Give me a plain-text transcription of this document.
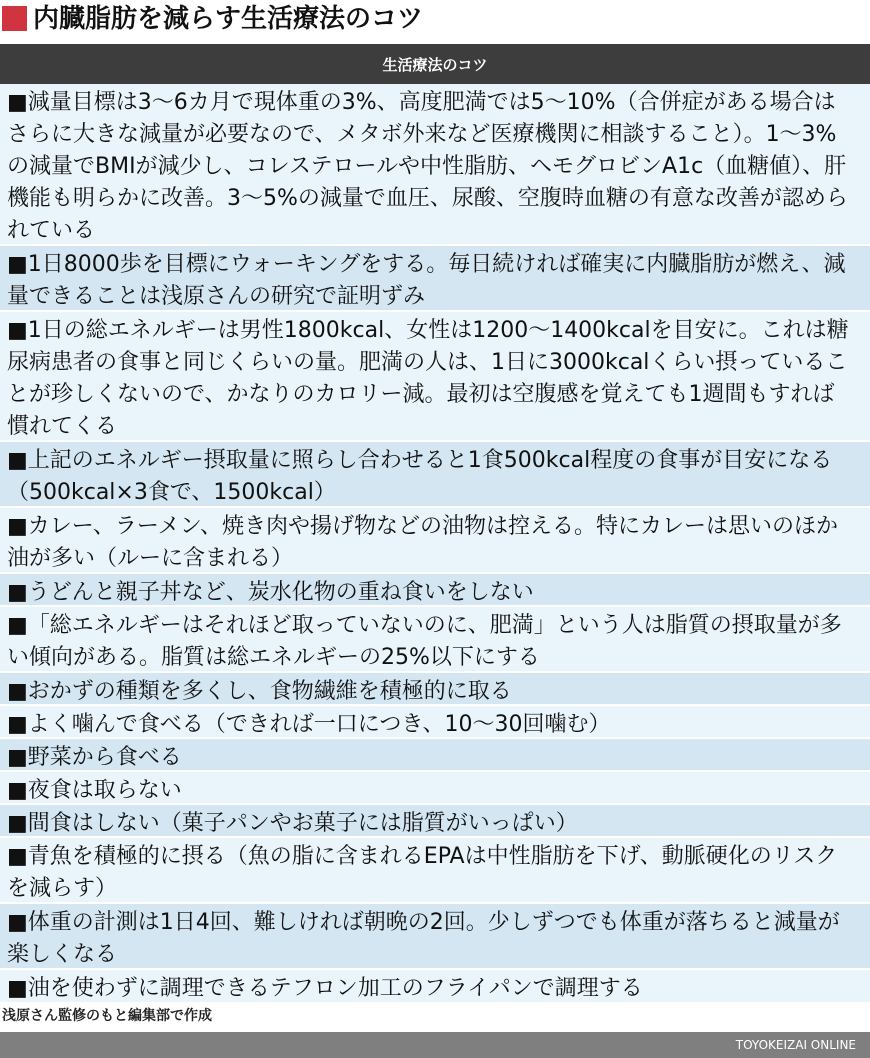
内臓脂肪を減らす生活療法のコツ
生活療法のコツ
■減量目標は3〜6カ月で現体重の3%、高度肥満では5〜10%（合併症がある場合はさらに大きな減量が必要なので、メタボ外来など医療機関に相談すること）。1〜3%の減量でBMIが減少し、コレステロールや中性脂肪、ヘモグロビンA1c（血糖値）、肝機能も明らかに改善。3〜5%の減量で血圧、尿酸、空腹時血糖の有意な改善が認められている
■1日8000歩を目標にウォーキングをする。毎日続ければ確実に内臓脂肪が燃え、減量できることは浅原さんの研究で証明ずみ
■1日の総エネルギーは男性1800kcal、女性は1200〜1400kcalを目安に。これは糖尿病患者の食事と同じくらいの量。肥満の人は、1日に3000kcalくらい摂っていることが珍しくないので、かなりのカロリー減。最初は空腹感を覚えても1週間もすれば慣れてくる
■上記のエネルギー摂取量に照らし合わせると1食500kcal程度の食事が目安になる（500kcal×3食で、1500kcal）
■カレー、ラーメン、焼き肉や揚げ物などの油物は控える。特にカレーは思いのほか油が多い（ルーに含まれる）
■うどんと親子丼など、炭水化物の重ね食いをしない
■「総エネルギーはそれほど取っていないのに、肥満」という人は脂質の摂取量が多い傾向がある。脂質は総エネルギーの25%以下にする
■おかずの種類を多くし、食物繊維を積極的に取る
■よく噛んで食べる（できれば一口につき、10〜30回噛む）
■野菜から食べる
■夜食は取らない
■間食はしない（菓子パンやお菓子には脂質がいっぱい）
■青魚を積極的に摂る（魚の脂に含まれるEPAは中性脂肪を下げ、動脈硬化のリスクを減らす）
■体重の計測は1日4回、難しければ朝晩の2回。少しずつでも体重が落ちると減量が楽しくなる
■油を使わずに調理できるテフロン加工のフライパンで調理する
浅原さん監修のもと編集部で作成
TOYOKEIZAI ONLINE
